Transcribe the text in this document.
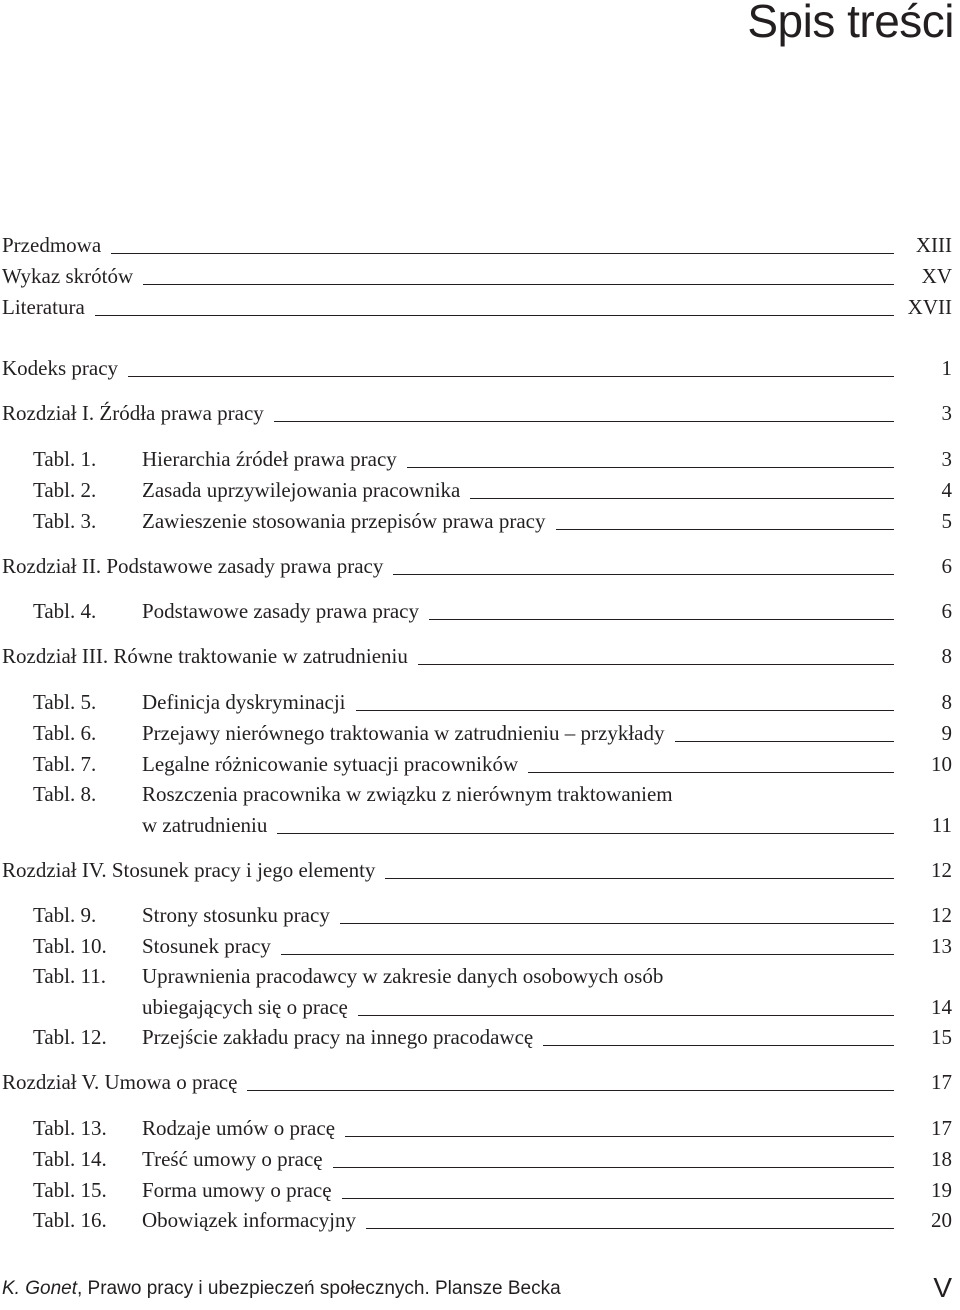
Spis treści
Przedmowa	XIII
Wykaz skrótów	XV
Literatura	XVII
Kodeks pracy	1
Rozdział I. Źródła prawa pracy	3
Tabl. 1. Hierarchia źródeł prawa pracy	3
Tabl. 2. Zasada uprzywilejowania pracownika	4
Tabl. 3. Zawieszenie stosowania przepisów prawa pracy	5
Rozdział II. Podstawowe zasady prawa pracy	6
Tabl. 4. Podstawowe zasady prawa pracy	6
Rozdział III. Równe traktowanie w zatrudnieniu	8
Tabl. 5. Definicja dyskryminacji	8
Tabl. 6. Przejawy nierównego traktowania w zatrudnieniu – przykłady	9
Tabl. 7. Legalne różnicowanie sytuacji pracowników	10
Tabl. 8. Roszczenia pracownika w związku z nierównym traktowaniem
w zatrudnieniu	11
Rozdział IV. Stosunek pracy i jego elementy	12
Tabl. 9. Strony stosunku pracy	12
Tabl. 10. Stosunek pracy	13
Tabl. 11. Uprawnienia pracodawcy w zakresie danych osobowych osób
ubiegających się o pracę	14
Tabl. 12. Przejście zakładu pracy na innego pracodawcę	15
Rozdział V. Umowa o pracę	17
Tabl. 13. Rodzaje umów o pracę	17
Tabl. 14. Treść umowy o pracę	18
Tabl. 15. Forma umowy o pracę	19
Tabl. 16. Obowiązek informacyjny	20
K. Gonet, Prawo pracy i ubezpieczeń społecznych. Plansze Becka	V
